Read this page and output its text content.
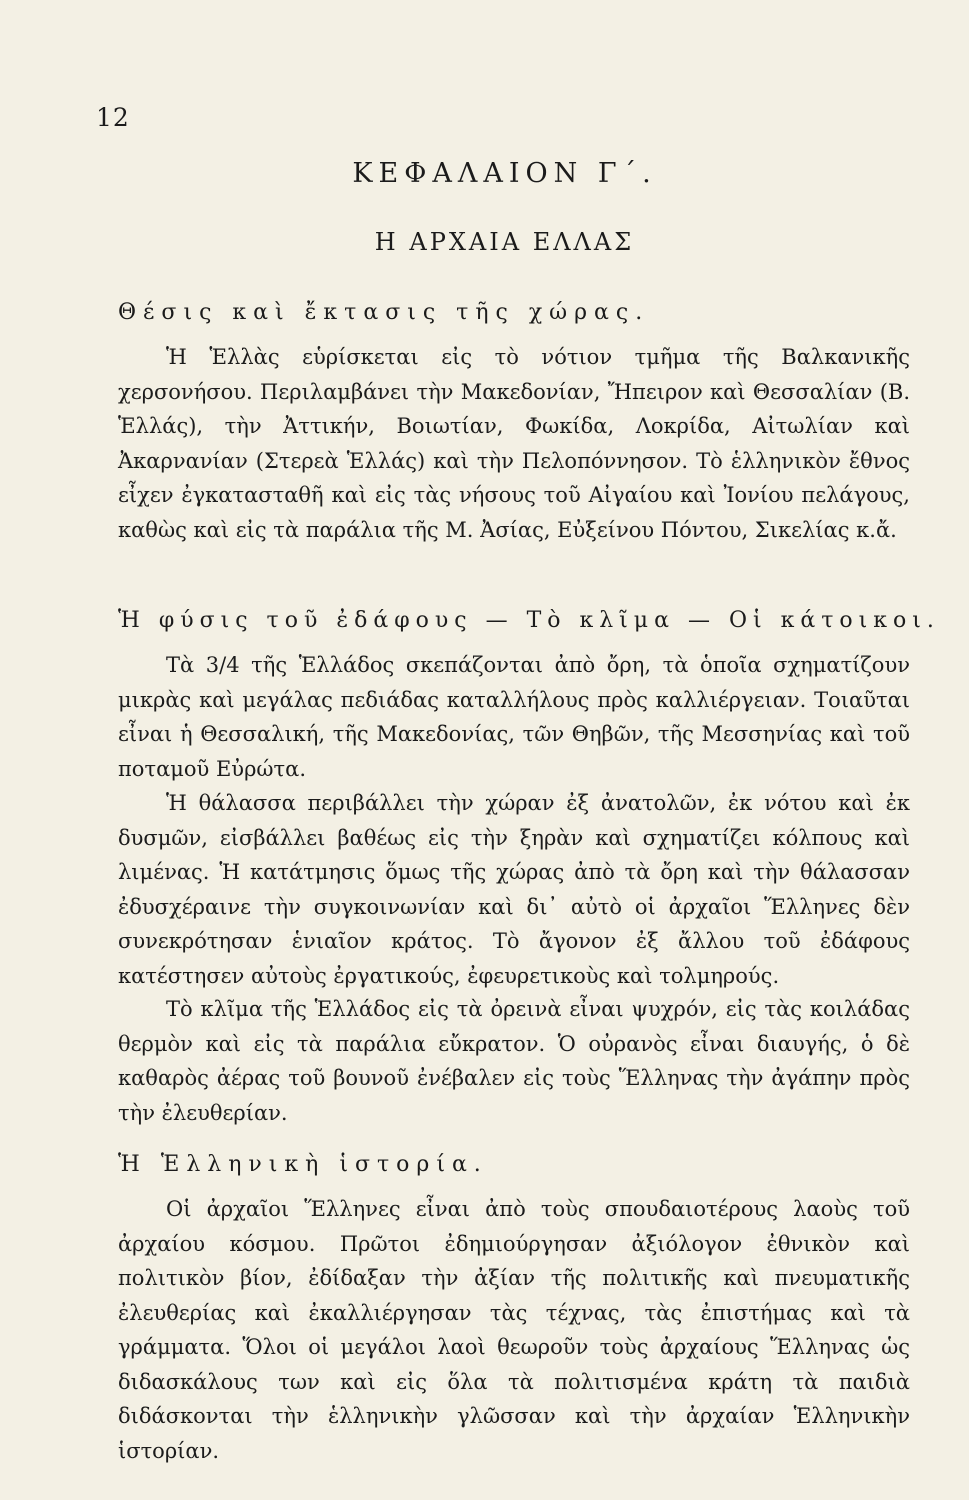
12
ΚΕΦΑΛΑΙΟΝ Γ΄.
Η ΑΡΧΑΙΑ ΕΛΛΑΣ
Θέσις καὶ ἔκτασις τῆς χώρας.

Ἡ Ἑλλὰς εὑρίσκεται εἰς τὸ νότιον τμῆμα τῆς Βαλκανικῆς χερσονήσου. Περιλαμβάνει τὴν Μακεδονίαν, Ἤπειρον καὶ Θεσσαλίαν (Β. Ἑλλάς), τὴν Ἀττικήν, Βοιωτίαν, Φωκίδα, Λοκρίδα, Αἰτωλίαν καὶ Ἀκαρνανίαν (Στερεὰ Ἑλλάς) καὶ τὴν Πελοπόννησον. Τὸ ἑλληνικὸν ἔθνος εἶχεν ἐγκατασταθῆ καὶ εἰς τὰς νήσους τοῦ Αἰγαίου καὶ Ἰονίου πελάγους, καθὼς καὶ εἰς τὰ παράλια τῆς Μ. Ἀσίας, Εὐξείνου Πόντου, Σικελίας κ.ἄ.

Ἡ φύσις τοῦ ἐδάφους — Τὸ κλῖμα — Οἱ κάτοικοι.

Τὰ 3/4 τῆς Ἑλλάδος σκεπάζονται ἀπὸ ὄρη, τὰ ὁποῖα σχηματίζουν μικρὰς καὶ μεγάλας πεδιάδας καταλλήλους πρὸς καλλιέργειαν. Τοιαῦται εἶναι ἡ Θεσσαλική, τῆς Μακεδονίας, τῶν Θηβῶν, τῆς Μεσσηνίας καὶ τοῦ ποταμοῦ Εὐρώτα.

Ἡ θάλασσα περιβάλλει τὴν χώραν ἐξ ἀνατολῶν, ἐκ νότου καὶ ἐκ δυσμῶν, εἰσβάλλει βαθέως εἰς τὴν ξηρὰν καὶ σχηματίζει κόλπους καὶ λιμένας. Ἡ κατάτμησις ὅμως τῆς χώρας ἀπὸ τὰ ὄρη καὶ τὴν θάλασσαν ἐδυσχέραινε τὴν συγκοινωνίαν καὶ δι᾿ αὐτὸ οἱ ἀρχαῖοι Ἕλληνες δὲν συνεκρότησαν ἑνιαῖον κράτος. Τὸ ἄγονον ἐξ ἄλλου τοῦ ἐδάφους κατέστησεν αὐτοὺς ἐργατικούς, ἐφευρετικοὺς καὶ τολμηρούς.

Τὸ κλῖμα τῆς Ἑλλάδος εἰς τὰ ὀρεινὰ εἶναι ψυχρόν, εἰς τὰς κοιλάδας θερμὸν καὶ εἰς τὰ παράλια εὔκρατον. Ὁ οὐρανὸς εἶναι διαυγής, ὁ δὲ καθαρὸς ἀέρας τοῦ βουνοῦ ἐνέβαλεν εἰς τοὺς Ἕλληνας τὴν ἀγάπην πρὸς τὴν ἐλευθερίαν.

Ἡ Ἑλληνικὴ ἱστορία.

Οἱ ἀρχαῖοι Ἕλληνες εἶναι ἀπὸ τοὺς σπουδαιοτέρους λαοὺς τοῦ ἀρχαίου κόσμου. Πρῶτοι ἐδημιούργησαν ἀξιόλογον ἐθνικὸν καὶ πολιτικὸν βίον, ἐδίδαξαν τὴν ἀξίαν τῆς πολιτικῆς καὶ πνευματικῆς ἐλευθερίας καὶ ἐκαλλιέργησαν τὰς τέχνας, τὰς ἐπιστήμας καὶ τὰ γράμματα. Ὅλοι οἱ μεγάλοι λαοὶ θεωροῦν τοὺς ἀρχαίους Ἕλληνας ὡς διδασκάλους των καὶ εἰς ὅλα τὰ πολιτισμένα κράτη τὰ παιδιὰ διδάσκονται τὴν ἑλληνικὴν γλῶσσαν καὶ τὴν ἀρχαίαν Ἑλληνικὴν ἱστορίαν.
